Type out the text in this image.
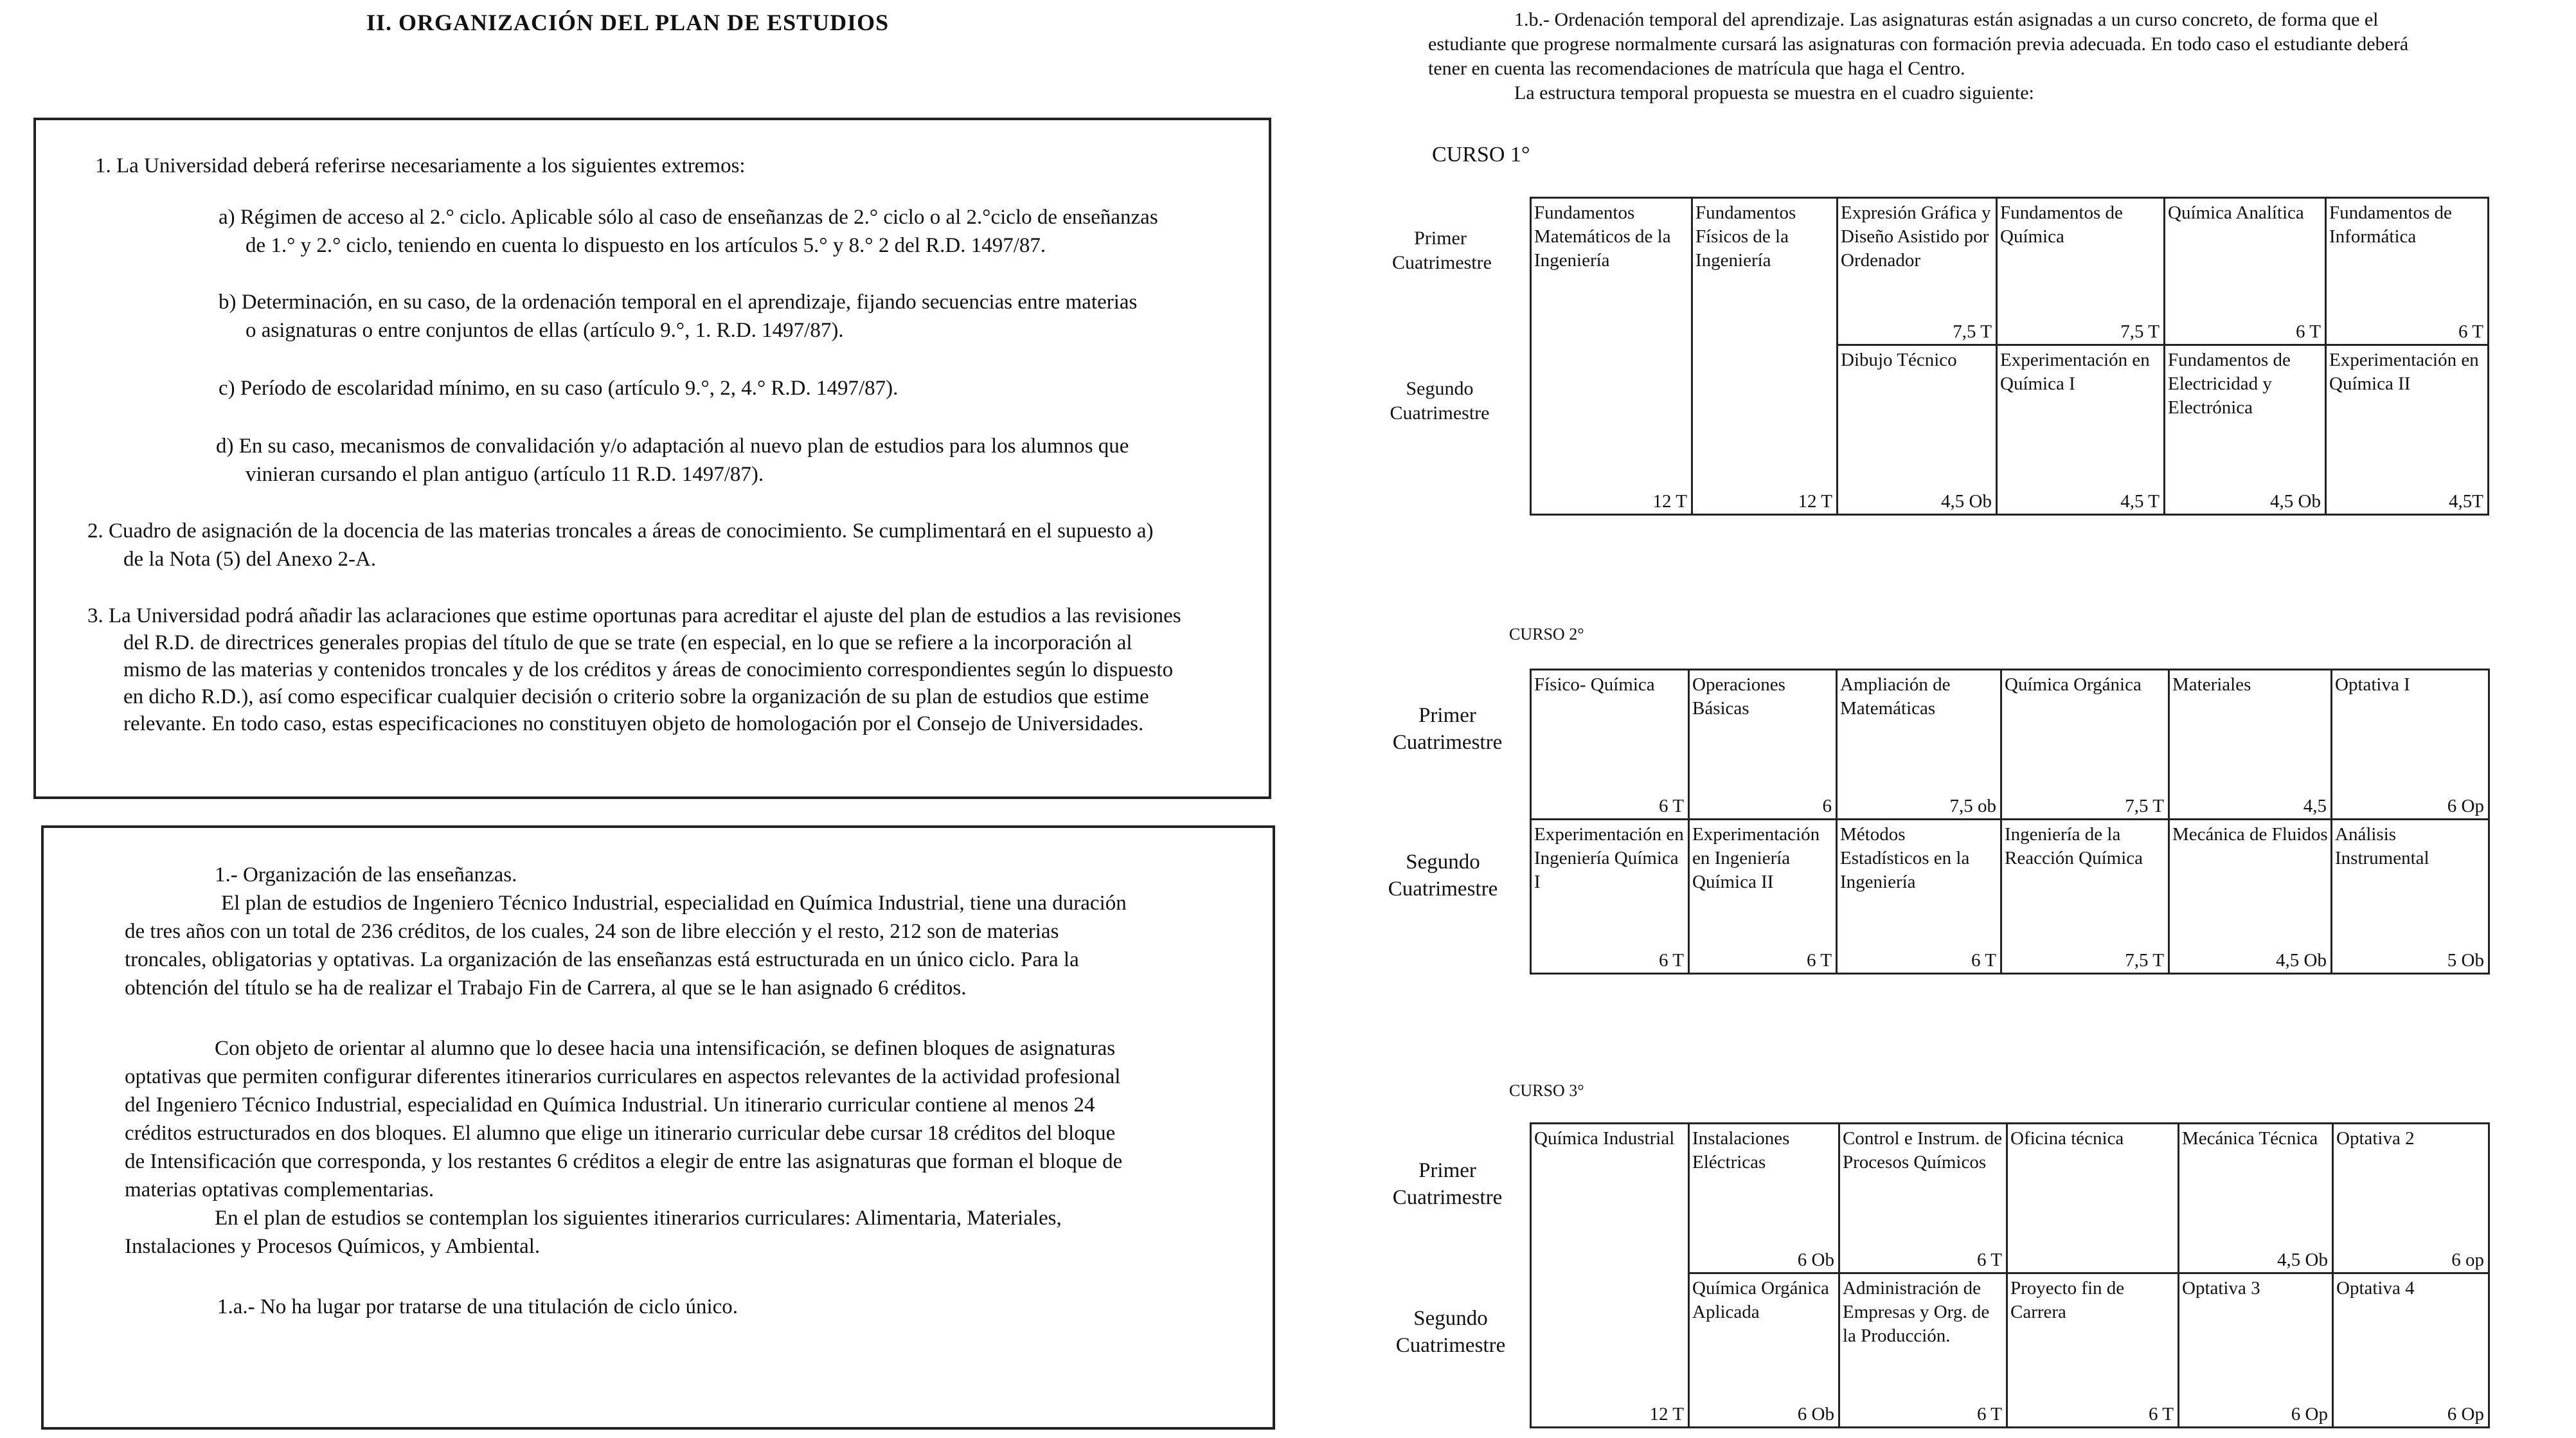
II. ORGANIZACIÓN DEL PLAN DE ESTUDIOS
1. La Universidad deberá referirse necesariamente a los siguientes extremos:
a) Régimen de acceso al 2.° ciclo. Aplicable sólo al caso de enseñanzas de 2.° ciclo o al 2.°ciclo de enseñanzas
de 1.° y 2.° ciclo, teniendo en cuenta lo dispuesto en los artículos 5.° y 8.° 2 del R.D. 1497/87.
b) Determinación, en su caso, de la ordenación temporal en el aprendizaje, fijando secuencias entre materias
o asignaturas o entre conjuntos de ellas (artículo 9.°, 1. R.D. 1497/87).
c) Período de escolaridad mínimo, en su caso (artículo 9.°, 2, 4.° R.D. 1497/87).
d) En su caso, mecanismos de convalidación y/o adaptación al nuevo plan de estudios para los alumnos que
vinieran cursando el plan antiguo (artículo 11 R.D. 1497/87).
2. Cuadro de asignación de la docencia de las materias troncales a áreas de conocimiento. Se cumplimentará en el supuesto a)
de la Nota (5) del Anexo 2-A.
3. La Universidad podrá añadir las aclaraciones que estime oportunas para acreditar el ajuste del plan de estudios a las revisiones
del R.D. de directrices generales propias del título de que se trate (en especial, en lo que se refiere a la incorporación al
mismo de las materias y contenidos troncales y de los créditos y áreas de conocimiento correspondientes según lo dispuesto
en dicho R.D.), así como especificar cualquier decisión o criterio sobre la organización de su plan de estudios que estime
relevante. En todo caso, estas especificaciones no constituyen objeto de homologación por el Consejo de Universidades.
1.- Organización de las enseñanzas.
El plan de estudios de Ingeniero Técnico Industrial, especialidad en Química Industrial, tiene una duración
de tres años con un total de 236 créditos, de los cuales, 24 son de libre elección y el resto, 212 son de materias
troncales, obligatorias y optativas. La organización de las enseñanzas está estructurada en un único ciclo. Para la
obtención del título se ha de realizar el Trabajo Fin de Carrera, al que se le han asignado 6 créditos.
Con objeto de orientar al alumno que lo desee hacia una intensificación, se definen bloques de asignaturas
optativas que permiten configurar diferentes itinerarios curriculares en aspectos relevantes de la actividad profesional
del Ingeniero Técnico Industrial, especialidad en Química Industrial. Un itinerario curricular contiene al menos 24
créditos estructurados en dos bloques. El alumno que elige un itinerario curricular debe cursar 18 créditos del bloque
de Intensificación que corresponda, y los restantes 6 créditos a elegir de entre las asignaturas que forman el bloque de
materias optativas complementarias.
En el plan de estudios se contemplan los siguientes itinerarios curriculares: Alimentaria, Materiales,
Instalaciones y Procesos Químicos, y Ambiental.
1.a.- No ha lugar por tratarse de una titulación de ciclo único.
1.b.- Ordenación temporal del aprendizaje. Las asignaturas están asignadas a un curso concreto, de forma que el
estudiante que progrese normalmente cursará las asignaturas con formación previa adecuada. En todo caso el estudiante deberá
tener en cuenta las recomendaciones de matrícula que haga el Centro.
La estructura temporal propuesta se muestra en el cuadro siguiente:
CURSO 1°
Primer
Cuatrimestre
Segundo
Cuatrimestre
Fundamentos Matemáticos de la Ingeniería
12 T
Fundamentos Físicos de la Ingeniería
12 T
Expresión Gráfica y Diseño Asistido por Ordenador
7,5 T
Fundamentos de Química
7,5 T
Química Analítica
6 T
Fundamentos de Informática
6 T
Dibujo Técnico
4,5 Ob
Experimentación en Química I
4,5 T
Fundamentos de Electricidad y Electrónica
4,5 Ob
Experimentación en Química II
4,5T
CURSO 2°
Primer
Cuatrimestre
Segundo
Cuatrimestre
Físico- Química
6 T
Operaciones Básicas
6
Ampliación de Matemáticas
7,5 ob
Química Orgánica
7,5 T
Materiales
4,5
Optativa I
6 Op
Experimentación en Ingeniería Química I
6 T
Experimentación en Ingeniería Química II
6 T
Métodos Estadísticos en la Ingeniería
6 T
Ingeniería de la Reacción Química
7,5 T
Mecánica de Fluidos
4,5 Ob
Análisis Instrumental
5 Ob
CURSO 3°
Primer
Cuatrimestre
Segundo
Cuatrimestre
Química Industrial
12 T
Instalaciones Eléctricas
6 Ob
Control e Instrum. de Procesos Químicos
6 T
Oficina técnica	Mecánica Técnica
4,5 Ob
Optativa 2
6 op
Química Orgánica Aplicada
6 Ob
Administración de Empresas y Org. de la Producción.
6 T
Proyecto fin de Carrera
6 T
Optativa 3
6 Op
Optativa 4
6 Op
